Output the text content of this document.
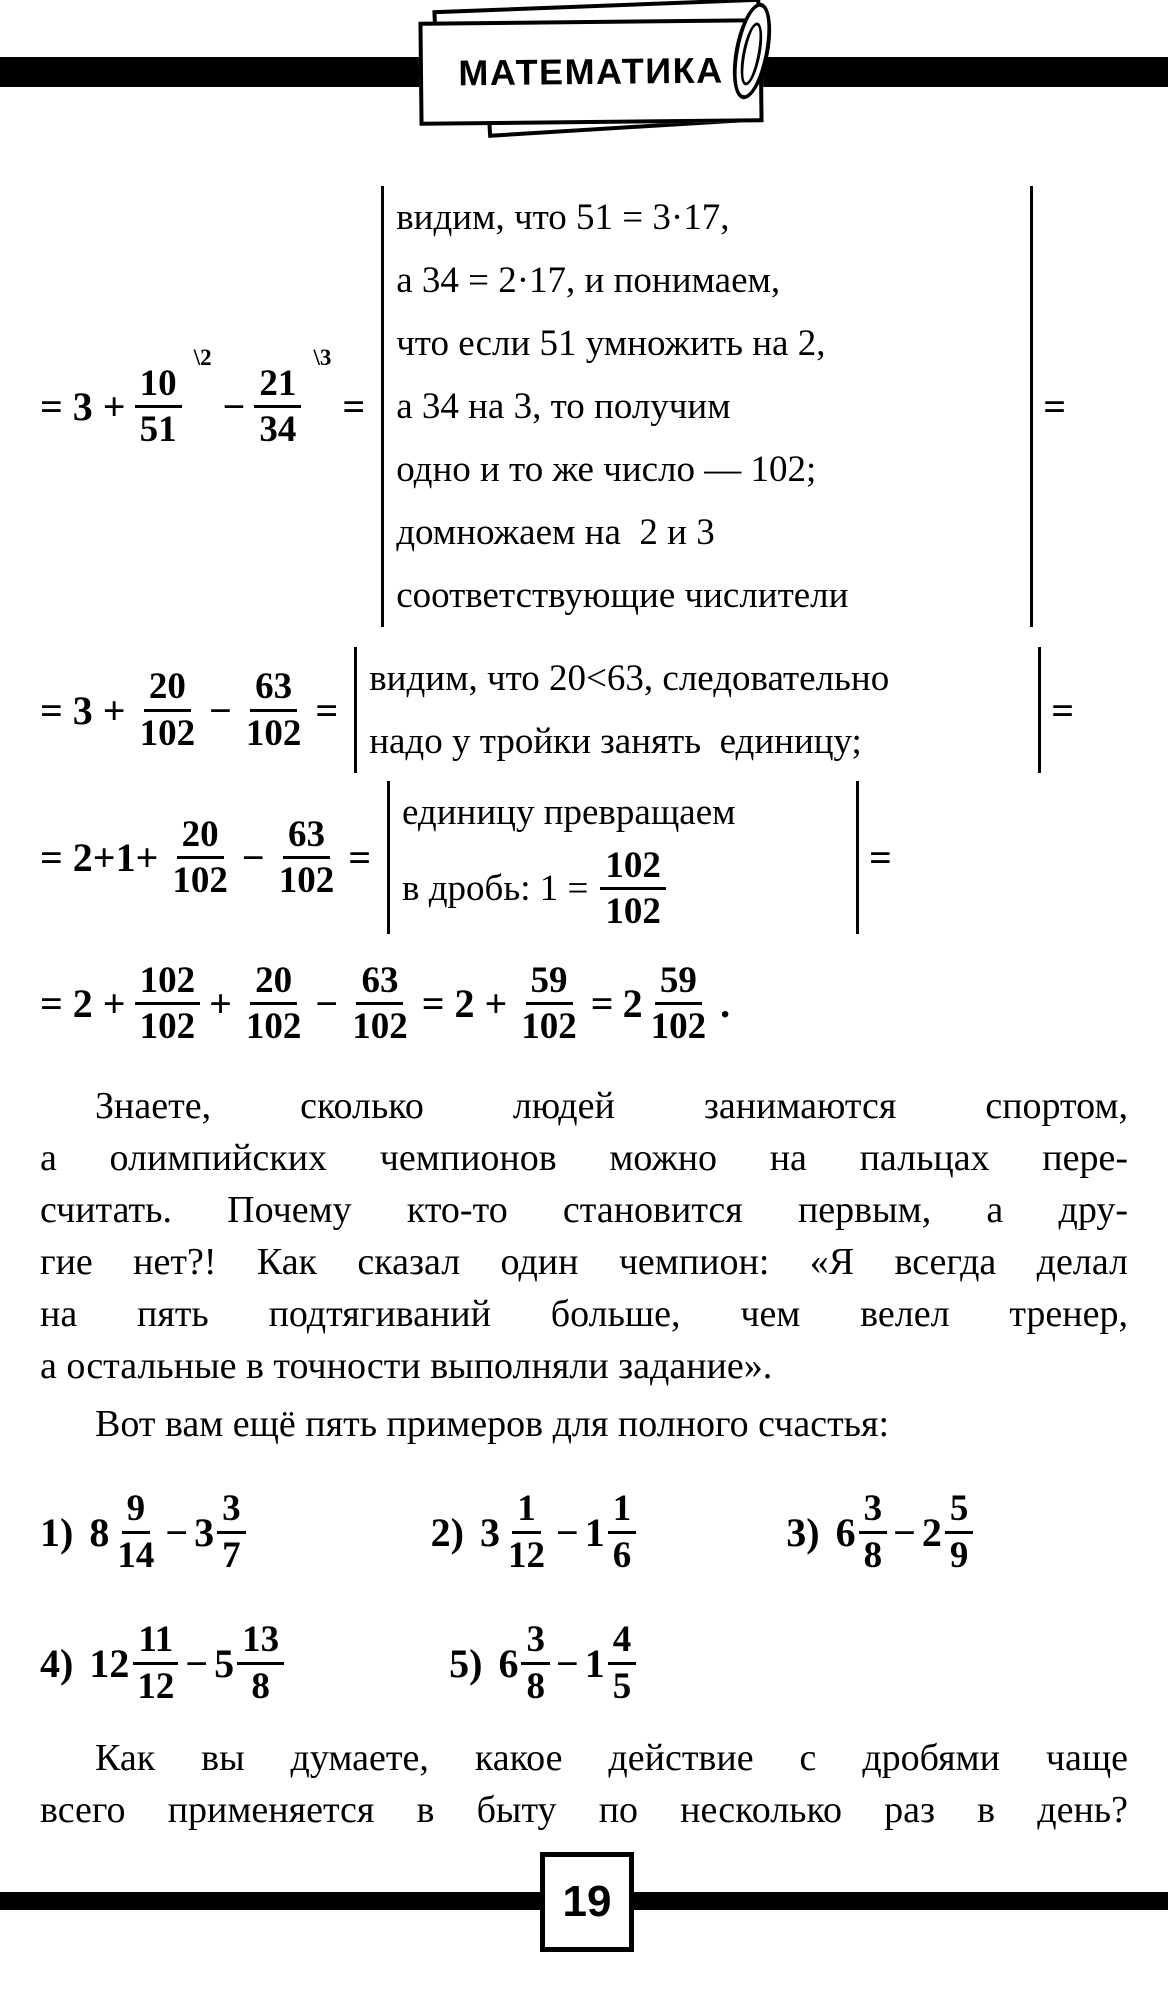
МАТЕМАТИКА
= 3 +
10
51
\2
−
21
34
\3
=
видим, что 51 = 3·17,
а 34 = 2·17, и понимаем,
что если 51 умножить на 2,
а 34 на 3, то получим
одно и то же число — 102;
домножаем на  2 и 3
соответствующие числители
=
= $3 + \frac{20}{102} - \frac{63}{102}$ =
видим, что 20<63, следовательно
надо у тройки занять  единицу;
=
= $2+1+ \frac{20}{102} - \frac{63}{102}$ =
единицу превращаем
в дробь: $1 = \frac{102}{102}$	=
= $2 + \frac{102}{102} + \frac{20}{102} - \frac{63}{102} = 2 + \frac{59}{102} = 2 \frac{59}{102}$ .
Знаете, сколько людей занимаются спортом,
а олимпийских чемпионов можно на пальцах пере-
считать. Почему кто-то становится первым, а дру-
гие нет?! Как сказал один чемпион: «Я всегда делал
на пять подтягиваний больше, чем велел тренер,
а остальные в точности выполняли задание».
Вот вам ещё пять примеров для полного счастья:
1) $8 \frac{9}{14} - 3 \frac{3}{7}$	2) $3 \frac{1}{12} - 1 \frac{1}{6}$	3) $6 \frac{3}{8} - 2 \frac{5}{9}$
4) $12 \frac{11}{12} - 5 \frac{13}{8}$	5) $6 \frac{3}{8} - 1 \frac{4}{5}$
Как вы думаете, какое действие с дробями чаще
всего применяется в быту по несколько раз в день?
19
